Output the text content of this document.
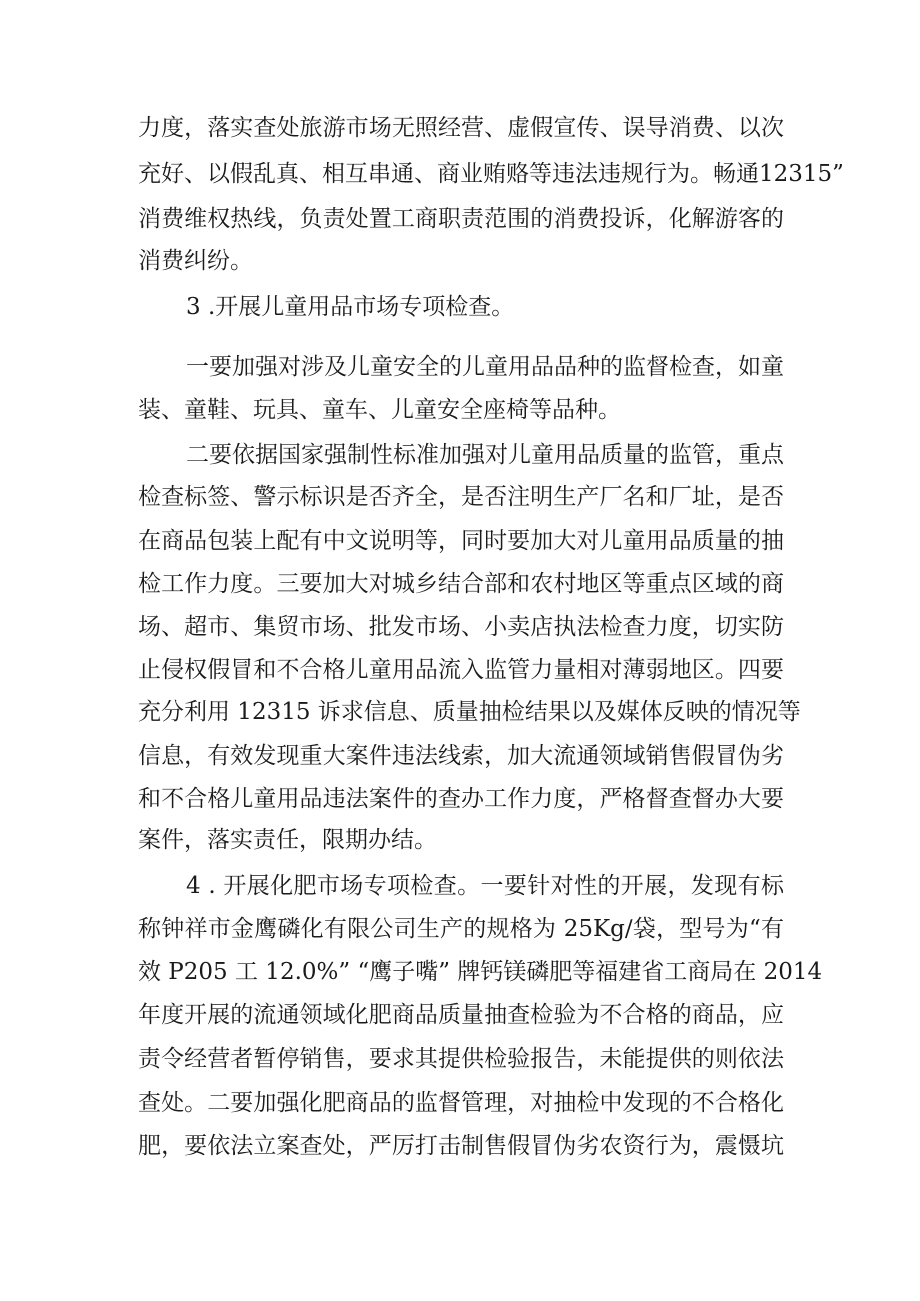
力度，落实查处旅游市场无照经营、虚假宣传、误导消费、以次
充好、以假乱真、相互串通、商业贿赂等违法违规行为。畅通12315”
消费维权热线，负责处置工商职责范围的消费投诉，化解游客的
消费纠纷。
3 .开展儿童用品市场专项检查。
一要加强对涉及儿童安全的儿童用品品种的监督检查，如童
装、童鞋、玩具、童车、儿童安全座椅等品种。
二要依据国家强制性标准加强对儿童用品质量的监管，重点
检查标签、警示标识是否齐全，是否注明生产厂名和厂址，是否
在商品包装上配有中文说明等，同时要加大对儿童用品质量的抽
检工作力度。三要加大对城乡结合部和农村地区等重点区域的商
场、超市、集贸市场、批发市场、小卖店执法检查力度，切实防
止侵权假冒和不合格儿童用品流入监管力量相对薄弱地区。四要
充分利用 12315 诉求信息、质量抽检结果以及媒体反映的情况等
信息，有效发现重大案件违法线索，加大流通领域销售假冒伪劣
和不合格儿童用品违法案件的查办工作力度，严格督查督办大要
案件，落实责任，限期办结。
4 . 开展化肥市场专项检查。一要针对性的开展，发现有标
称钟祥市金鹰磷化有限公司生产的规格为 25Kg∕袋，型号为“有
效 P205 工 12.0%” “鹰子嘴” 牌钙镁磷肥等福建省工商局在 2014
年度开展的流通领域化肥商品质量抽查检验为不合格的商品，应
责令经营者暂停销售，要求其提供检验报告，未能提供的则依法
查处。二要加强化肥商品的监督管理，对抽检中发现的不合格化
肥，要依法立案查处，严厉打击制售假冒伪劣农资行为，震慑坑
